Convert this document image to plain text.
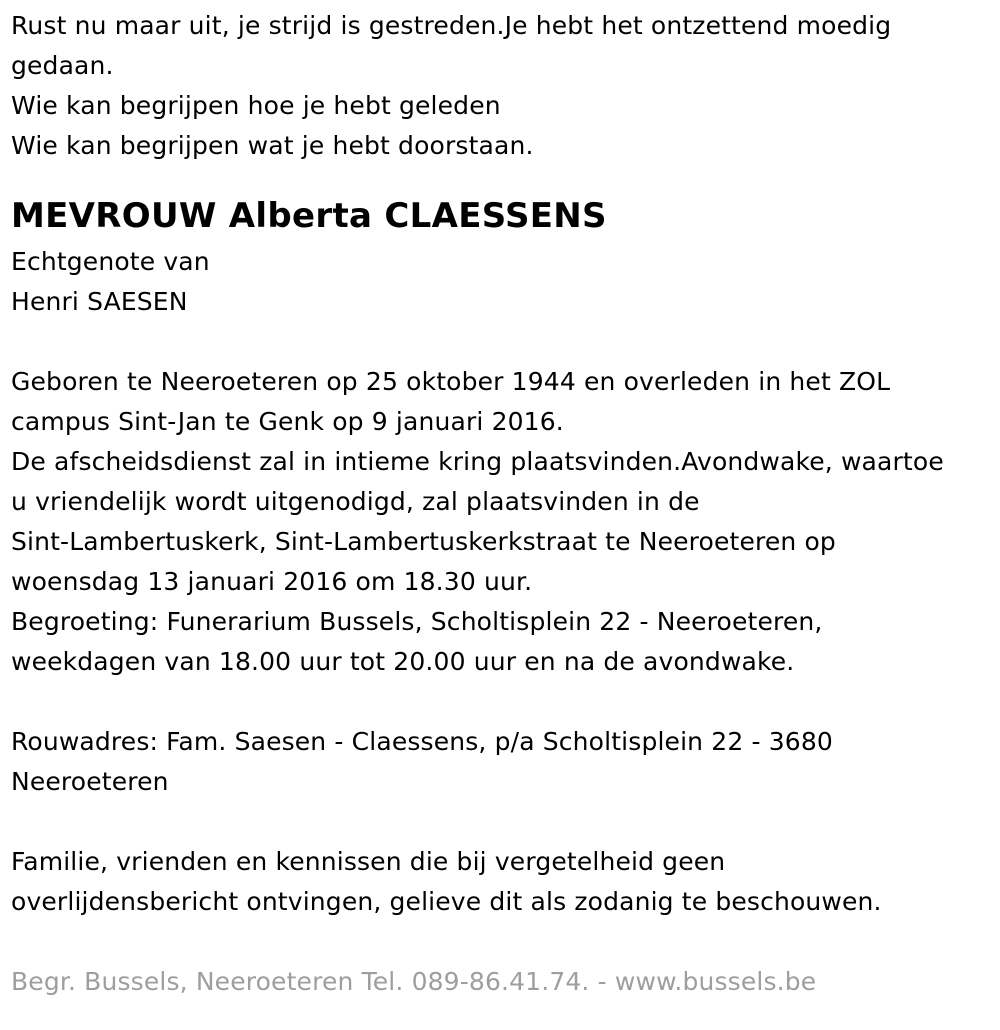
Rust nu maar uit, je strijd is gestreden.Je hebt het ontzettend moedig
gedaan.
Wie kan begrijpen hoe je hebt geleden
Wie kan begrijpen wat je hebt doorstaan.
MEVROUW Alberta CLAESSENS
Echtgenote van
Henri SAESEN
Geboren te Neeroeteren op 25 oktober 1944 en overleden in het ZOL
campus Sint-Jan te Genk op 9 januari 2016.
De afscheidsdienst zal in intieme kring plaatsvinden.Avondwake, waartoe
u vriendelijk wordt uitgenodigd, zal plaatsvinden in de
Sint-Lambertuskerk, Sint-Lambertuskerkstraat te Neeroeteren op
woensdag 13 januari 2016 om 18.30 uur.
Begroeting: Funerarium Bussels, Scholtisplein 22 - Neeroeteren,
weekdagen van 18.00 uur tot 20.00 uur en na de avondwake.
Rouwadres: Fam. Saesen - Claessens, p/a Scholtisplein 22 - 3680
Neeroeteren
Familie, vrienden en kennissen die bij vergetelheid geen
overlijdensbericht ontvingen, gelieve dit als zodanig te beschouwen.
Begr. Bussels, Neeroeteren Tel. 089-86.41.74. - www.bussels.be
